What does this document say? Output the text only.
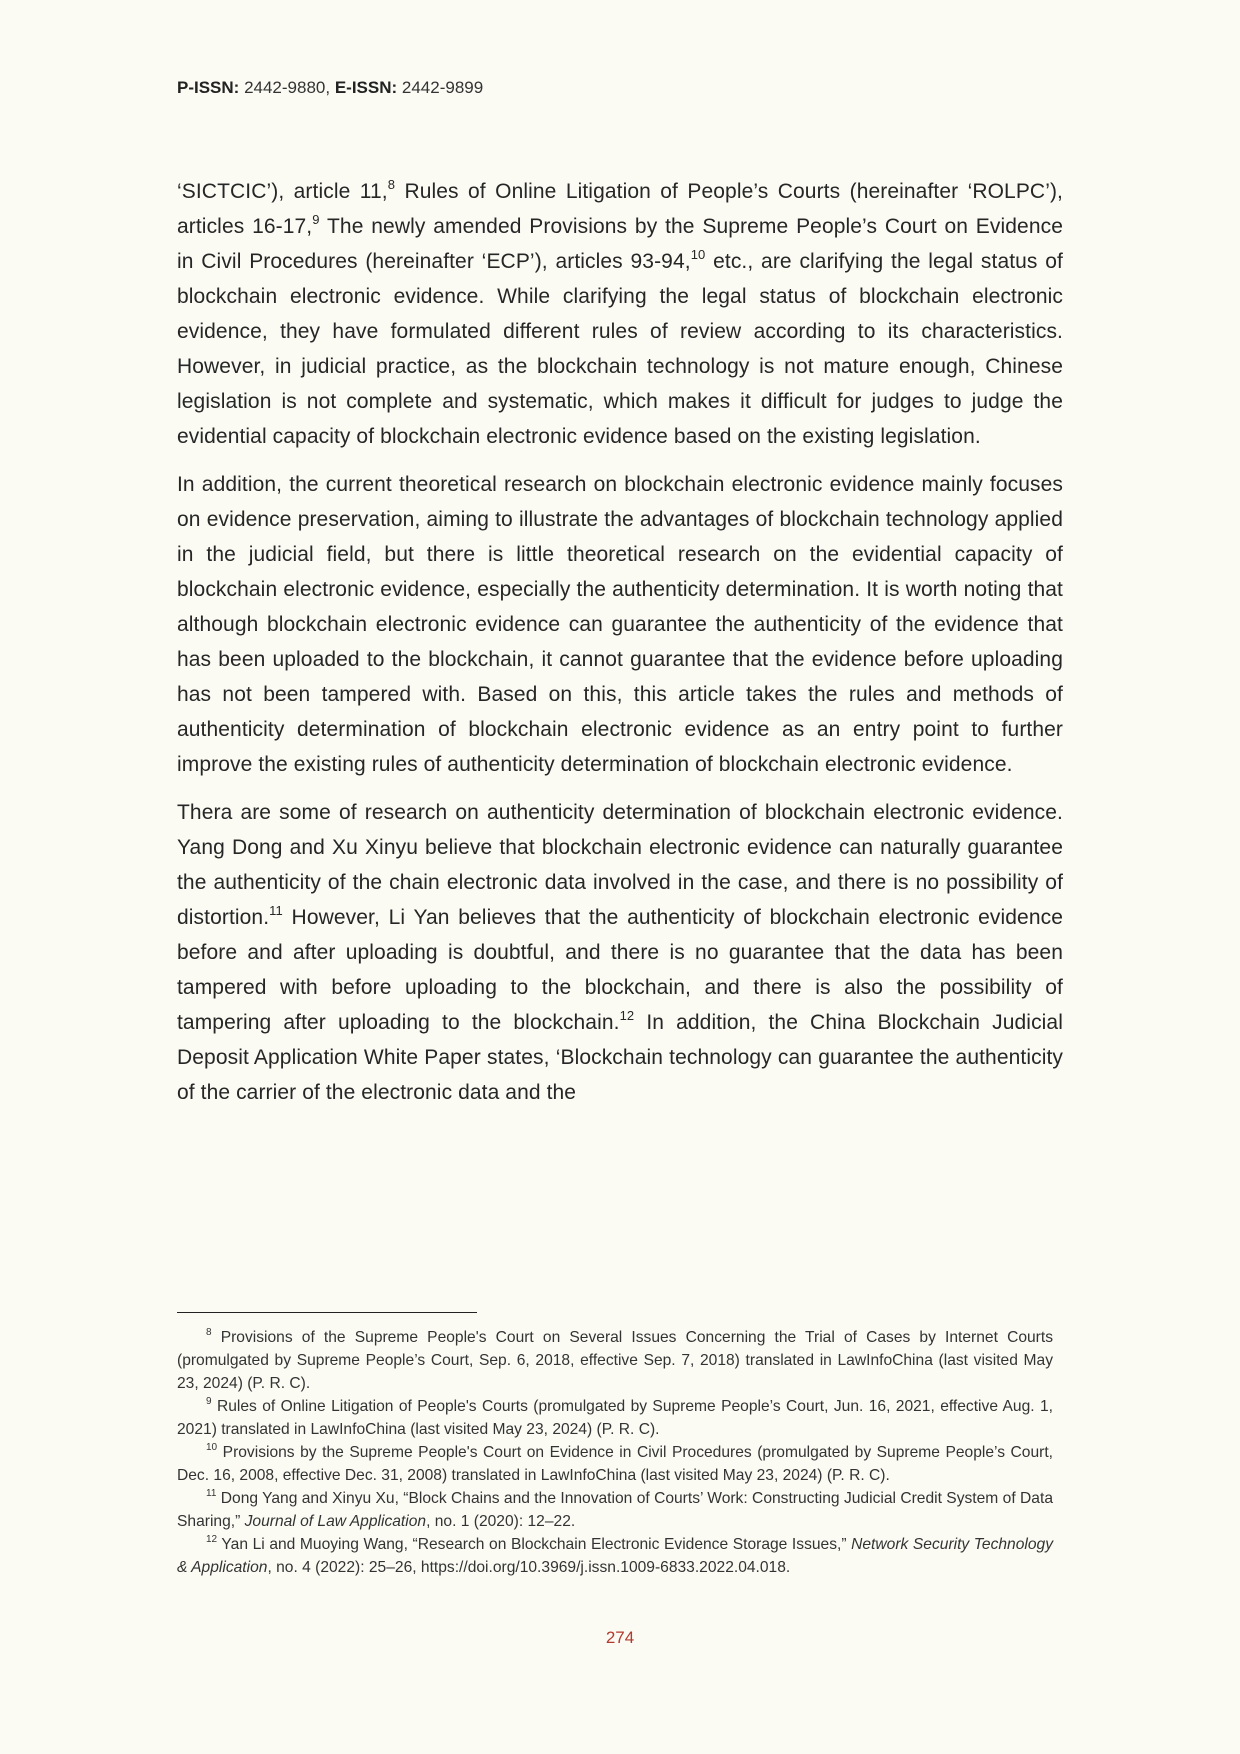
P-ISSN: 2442-9880, E-ISSN: 2442-9899

‘SICTCIC’), article 11,$^8$ Rules of Online Litigation of People’s Courts (hereinafter ‘ROLPC’), articles 16-17,$^9$ The newly amended Provisions by the Supreme People’s Court on Evidence in Civil Procedures (hereinafter ‘ECP’), articles 93-94,10 etc., are clarifying the legal status of blockchain electronic evidence. While clarifying the legal status of blockchain electronic evidence, they have formulated different rules of review according to its characteristics. However, in judicial practice, as the blockchain technology is not mature enough, Chinese legislation is not complete and systematic, which makes it difficult for judges to judge the evidential capacity of blockchain electronic evidence based on the existing legislation.

In addition, the current theoretical research on blockchain electronic evidence mainly focuses on evidence preservation, aiming to illustrate the advantages of blockchain technology applied in the judicial field, but there is little theoretical research on the evidential capacity of blockchain electronic evidence, especially the authenticity determination. It is worth noting that although blockchain electronic evidence can guarantee the authenticity of the evidence that has been uploaded to the blockchain, it cannot guarantee that the evidence before uploading has not been tampered with. Based on this, this article takes the rules and methods of authenticity determination of blockchain electronic evidence as an entry point to further improve the existing rules of authenticity determination of blockchain electronic evidence.

Thera are some of research on authenticity determination of blockchain electronic evidence. Yang Dong and Xu Xinyu believe that blockchain electronic evidence can naturally guarantee the authenticity of the chain electronic data involved in the case, and there is no possibility of distortion.$^{11}$ However, Li Yan believes that the authenticity of blockchain electronic evidence before and after uploading is doubtful, and there is no guarantee that the data has been tampered with before uploading to the blockchain, and there is also the possibility of tampering after uploading to the blockchain.$^{12}$ In addition, the China Blockchain Judicial Deposit Application White Paper states, ‘Blockchain technology can guarantee the authenticity of the carrier of the electronic data and the

$^8$ Provisions of the Supreme People's Court on Several Issues Concerning the Trial of Cases by Internet Courts (promulgated by Supreme People’s Court, Sep. 6, 2018, effective Sep. 7, 2018) translated in LawInfoChina (last visited May 23, 2024) (P. R. C).

$^9$ Rules of Online Litigation of People's Courts (promulgated by Supreme People’s Court, Jun. 16, 2021, effective Aug. 1, 2021) translated in LawInfoChina (last visited May 23, 2024) (P. R. C).

$^{10}$ Provisions by the Supreme People's Court on Evidence in Civil Procedures (promulgated by Supreme People’s Court, Dec. 16, 2008, effective Dec. 31, 2008) translated in LawInfoChina (last visited May 23, 2024) (P. R. C).

$^{11}$ Dong Yang and Xinyu Xu, “Block Chains and the Innovation of Courts’ Work: Constructing Judicial Credit System of Data Sharing,” Journal of Law Application, no. 1 (2020): 12–22.

$^{12}$ Yan Li and Muoying Wang, “Research on Blockchain Electronic Evidence Storage Issues,” Network Security Technology & Application, no. 4 (2022): 25–26, https://doi.org/10.3969/j.issn.1009-6833.2022.04.018.

274
